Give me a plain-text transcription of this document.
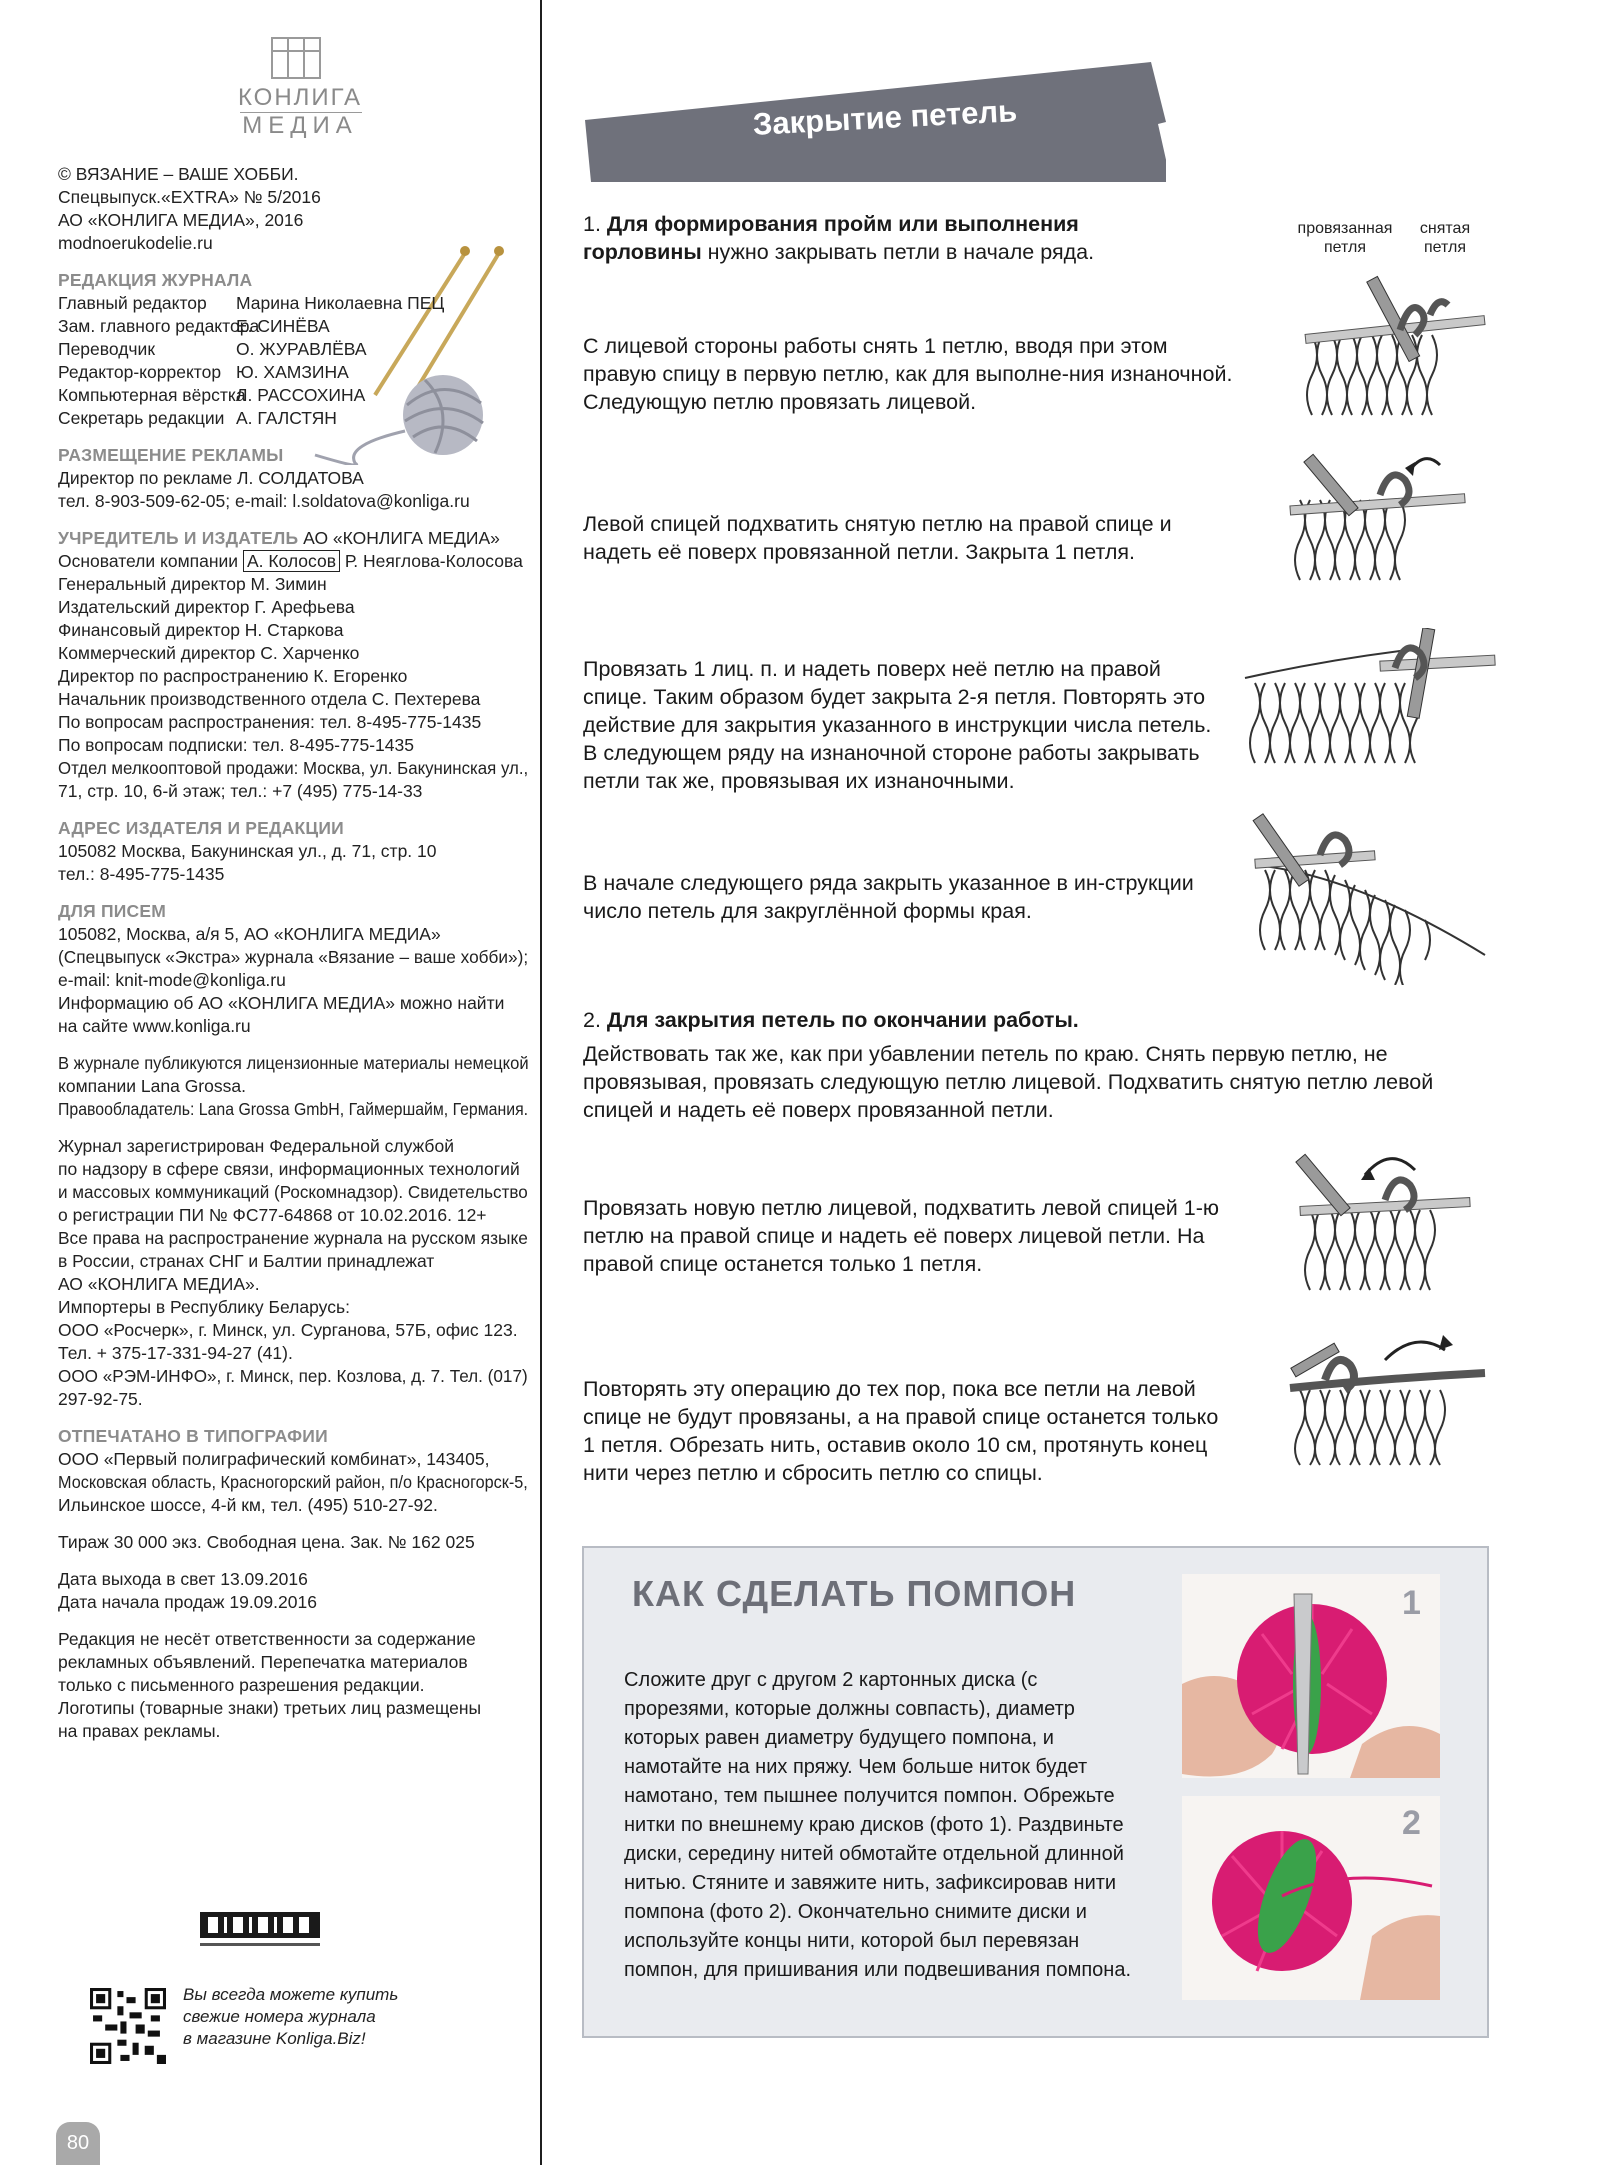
КОНЛИГА
МЕДИА
© ВЯЗАНИЕ – ВАШЕ ХОББИ.
Спецвыпуск.«EXTRA» № 5/2016
АО «КОНЛИГА МЕДИА», 2016
modnoerukodelie.ru
РЕДАКЦИЯ ЖУРНАЛА
Главный редактор Марина Николаевна ПЕЦ
Зам. главного редактораЕ. СИНЁВА
Переводчик	О. ЖУРАВЛЁВА
Редактор-корректор Ю. ХАМЗИНА
Компьютерная вёрсткаЛ. РАССОХИНА
Секретарь редакции А. ГАЛСТЯН
РАЗМЕЩЕНИЕ РЕКЛАМЫ
Директор по рекламе Л. СОЛДАТОВА
тел. 8-903-509-62-05; e-mail: l.soldatova@konliga.ru
УЧРЕДИТЕЛЬ И ИЗДАТЕЛЬ АО «КОНЛИГА МЕДИА»
Основатели компании А. Колосов Р. Неяглова-Колосова
Генеральный директор М. Зимин
Издательский директор Г. Арефьева
Финансовый директор Н. Старкова
Коммерческий директор С. Харченко
Директор по распространению К. Егоренко
Начальник производственного отдела С. Пехтерева
По вопросам распространения: тел. 8-495-775-1435
По вопросам подписки: тел. 8-495-775-1435
Отдел мелкооптовой продажи: Москва, ул. Бакунинская ул.,
71, стр. 10, 6-й этаж; тел.: +7 (495) 775-14-33
АДРЕС ИЗДАТЕЛЯ И РЕДАКЦИИ
105082 Москва, Бакунинская ул., д. 71, стр. 10
тел.: 8-495-775-1435
ДЛЯ ПИСЕМ
105082, Москва, а/я 5, АО «КОНЛИГА МЕДИА»
(Спецвыпуск «Экстра» журнала «Вязание – ваше хобби»);
e-mail: knit-mode@konliga.ru
Информацию об АО «КОНЛИГА МЕДИА» можно найти
на сайте www.konliga.ru
В журнале публикуются лицензионные материалы немецкой
компании Lana Grossa.
Правообладатель: Lana Grossa GmbH, Гаймершайм, Германия.
Журнал зарегистрирован Федеральной службой
по надзору в сфере связи, информационных технологий
и массовых коммуникаций (Роскомнадзор). Свидетельство
о регистрации ПИ № ФС77-64868 от 10.02.2016. 12+
Все права на распространение журнала на русском языке
в России, странах СНГ и Балтии принадлежат
АО «КОНЛИГА МЕДИА».
Импортеры в Республику Беларусь:
ООО «Росчерк», г. Минск, ул. Сурганова, 57Б, офис 123.
Тел. + 375-17-331-94-27 (41).
ООО «РЭМ-ИНФО», г. Минск, пер. Козлова, д. 7. Тел. (017)
297-92-75.
ОТПЕЧАТАНО В ТИПОГРАФИИ
ООО «Первый полиграфический комбинат», 143405,
Московская область, Красногорский район, п/о Красногорск-5,
Ильинское шоссе, 4-й км, тел. (495) 510-27-92.
Тираж 30 000 экз. Свободная цена. Зак. № 162 025
Дата выхода в свет 13.09.2016
Дата начала продаж 19.09.2016
Редакция не несёт ответственности за содержание
рекламных объявлений. Перепечатка материалов
только с письменного разрешения редакции.
Логотипы (товарные знаки) третьих лиц размещены
на правах рекламы.
Вы всегда можете купить
свежие номера журнала
в магазине Konliga.Biz!
80
Закрытие петель
1. Для формирования пройм или выполнения горловины нужно закрывать петли в начале ряда.
провязанная
петля
снятая
петля
С лицевой стороны работы снять 1 петлю, вводя при этом правую спицу в первую петлю, как для выполне-ния изнаночной. Следующую петлю провязать лицевой.
Левой спицей подхватить снятую петлю на правой спице и надеть её поверх провязанной петли. Закрыта 1 петля.
Провязать 1 лиц. п. и надеть поверх неё петлю на правой спице. Таким образом будет закрыта 2-я петля. Повторять это действие для закрытия указанного в инструкции числа петель. В следующем ряду на изнаночной стороне работы закрывать петли так же, провязывая их изнаночными.
В начале следующего ряда закрыть указанное в ин-струкции число петель для закруглённой формы края.
2. Для закрытия петель по окончании работы.
Действовать так же, как при убавлении петель по краю. Снять первую петлю, не провязывая, провязать следующую петлю лицевой. Подхватить снятую петлю левой спицей и надеть её поверх провязанной петли.
Провязать новую петлю лицевой, подхватить левой спицей 1-ю петлю на правой спице и надеть её поверх лицевой петли. На правой спице останется только 1 петля.
Повторять эту операцию до тех пор, пока все петли на левой спице не будут провязаны, а на правой спице останется только 1 петля. Обрезать нить, оставив около 10 см, протянуть конец нити через петлю и сбросить петлю со спицы.
КАК СДЕЛАТЬ ПОМПОН
Сложите друг с другом 2 картонных диска (с прорезями, которые должны совпасть), диаметр которых равен диаметру будущего помпона, и намотайте на них пряжу. Чем больше ниток будет намотано, тем пышнее получится помпон. Обрежьте нитки по внешнему краю дисков (фото 1). Раздвиньте диски, середину нитей обмотайте отдельной длинной нитью. Стяните и завяжите нить, зафиксировав нити помпона (фото 2). Окончательно снимите диски и используйте концы нити, которой был перевязан помпон, для пришивания или подвешивания помпона.
1
2
